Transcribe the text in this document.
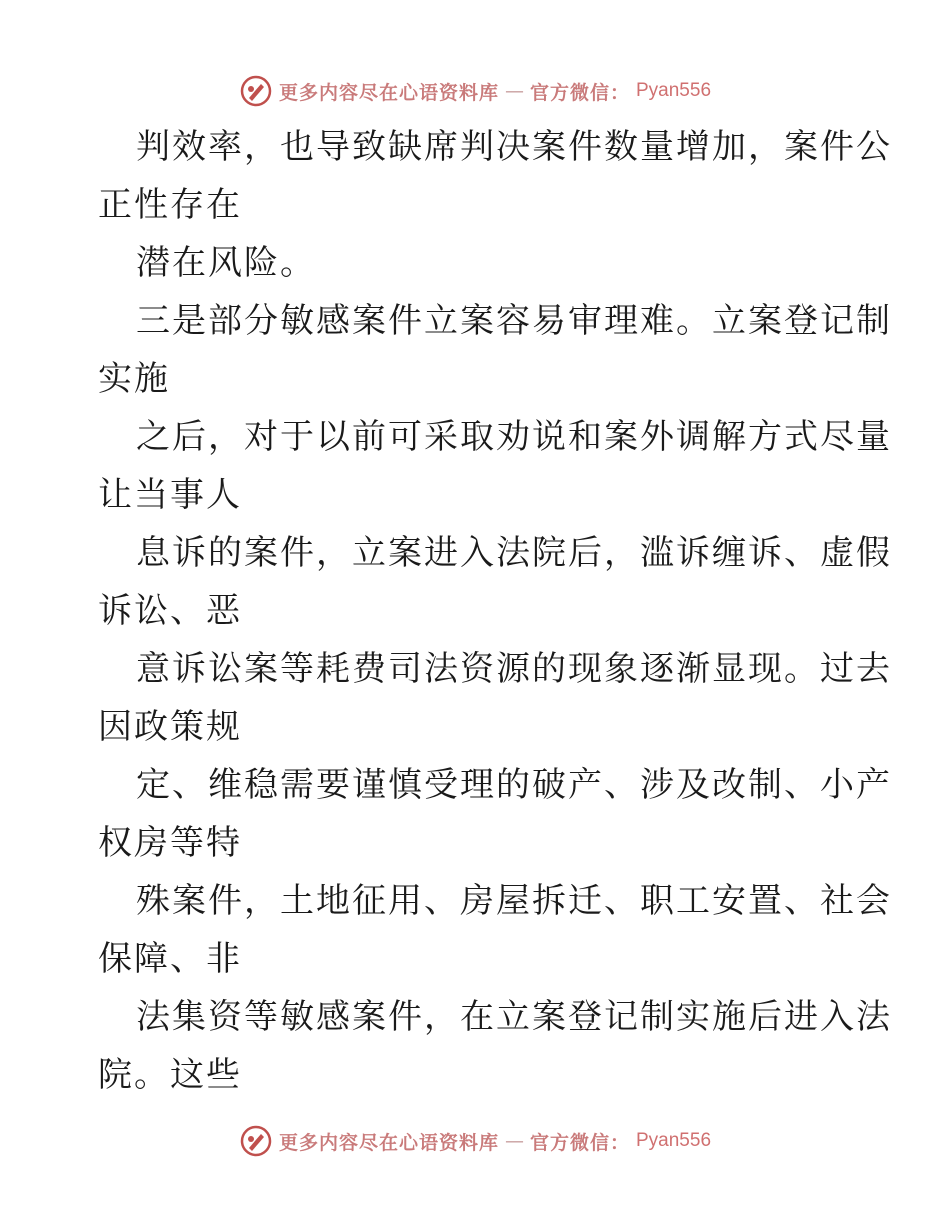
更多内容尽在心语资料库 — 官方微信： Pyan556
判效率，也导致缺席判决案件数量增加，案件公
正性存在
潜在风险。
三是部分敏感案件立案容易审理难。立案登记制
实施
之后，对于以前可采取劝说和案外调解方式尽量
让当事人
息诉的案件，立案进入法院后，滥诉缠诉、虚假
诉讼、恶
意诉讼案等耗费司法资源的现象逐渐显现。过去
因政策规
定、维稳需要谨慎受理的破产、涉及改制、小产
权房等特
殊案件，土地征用、房屋拆迁、职工安置、社会
保障、非
法集资等敏感案件，在立案登记制实施后进入法
院。这些
更多内容尽在心语资料库 — 官方微信： Pyan556
